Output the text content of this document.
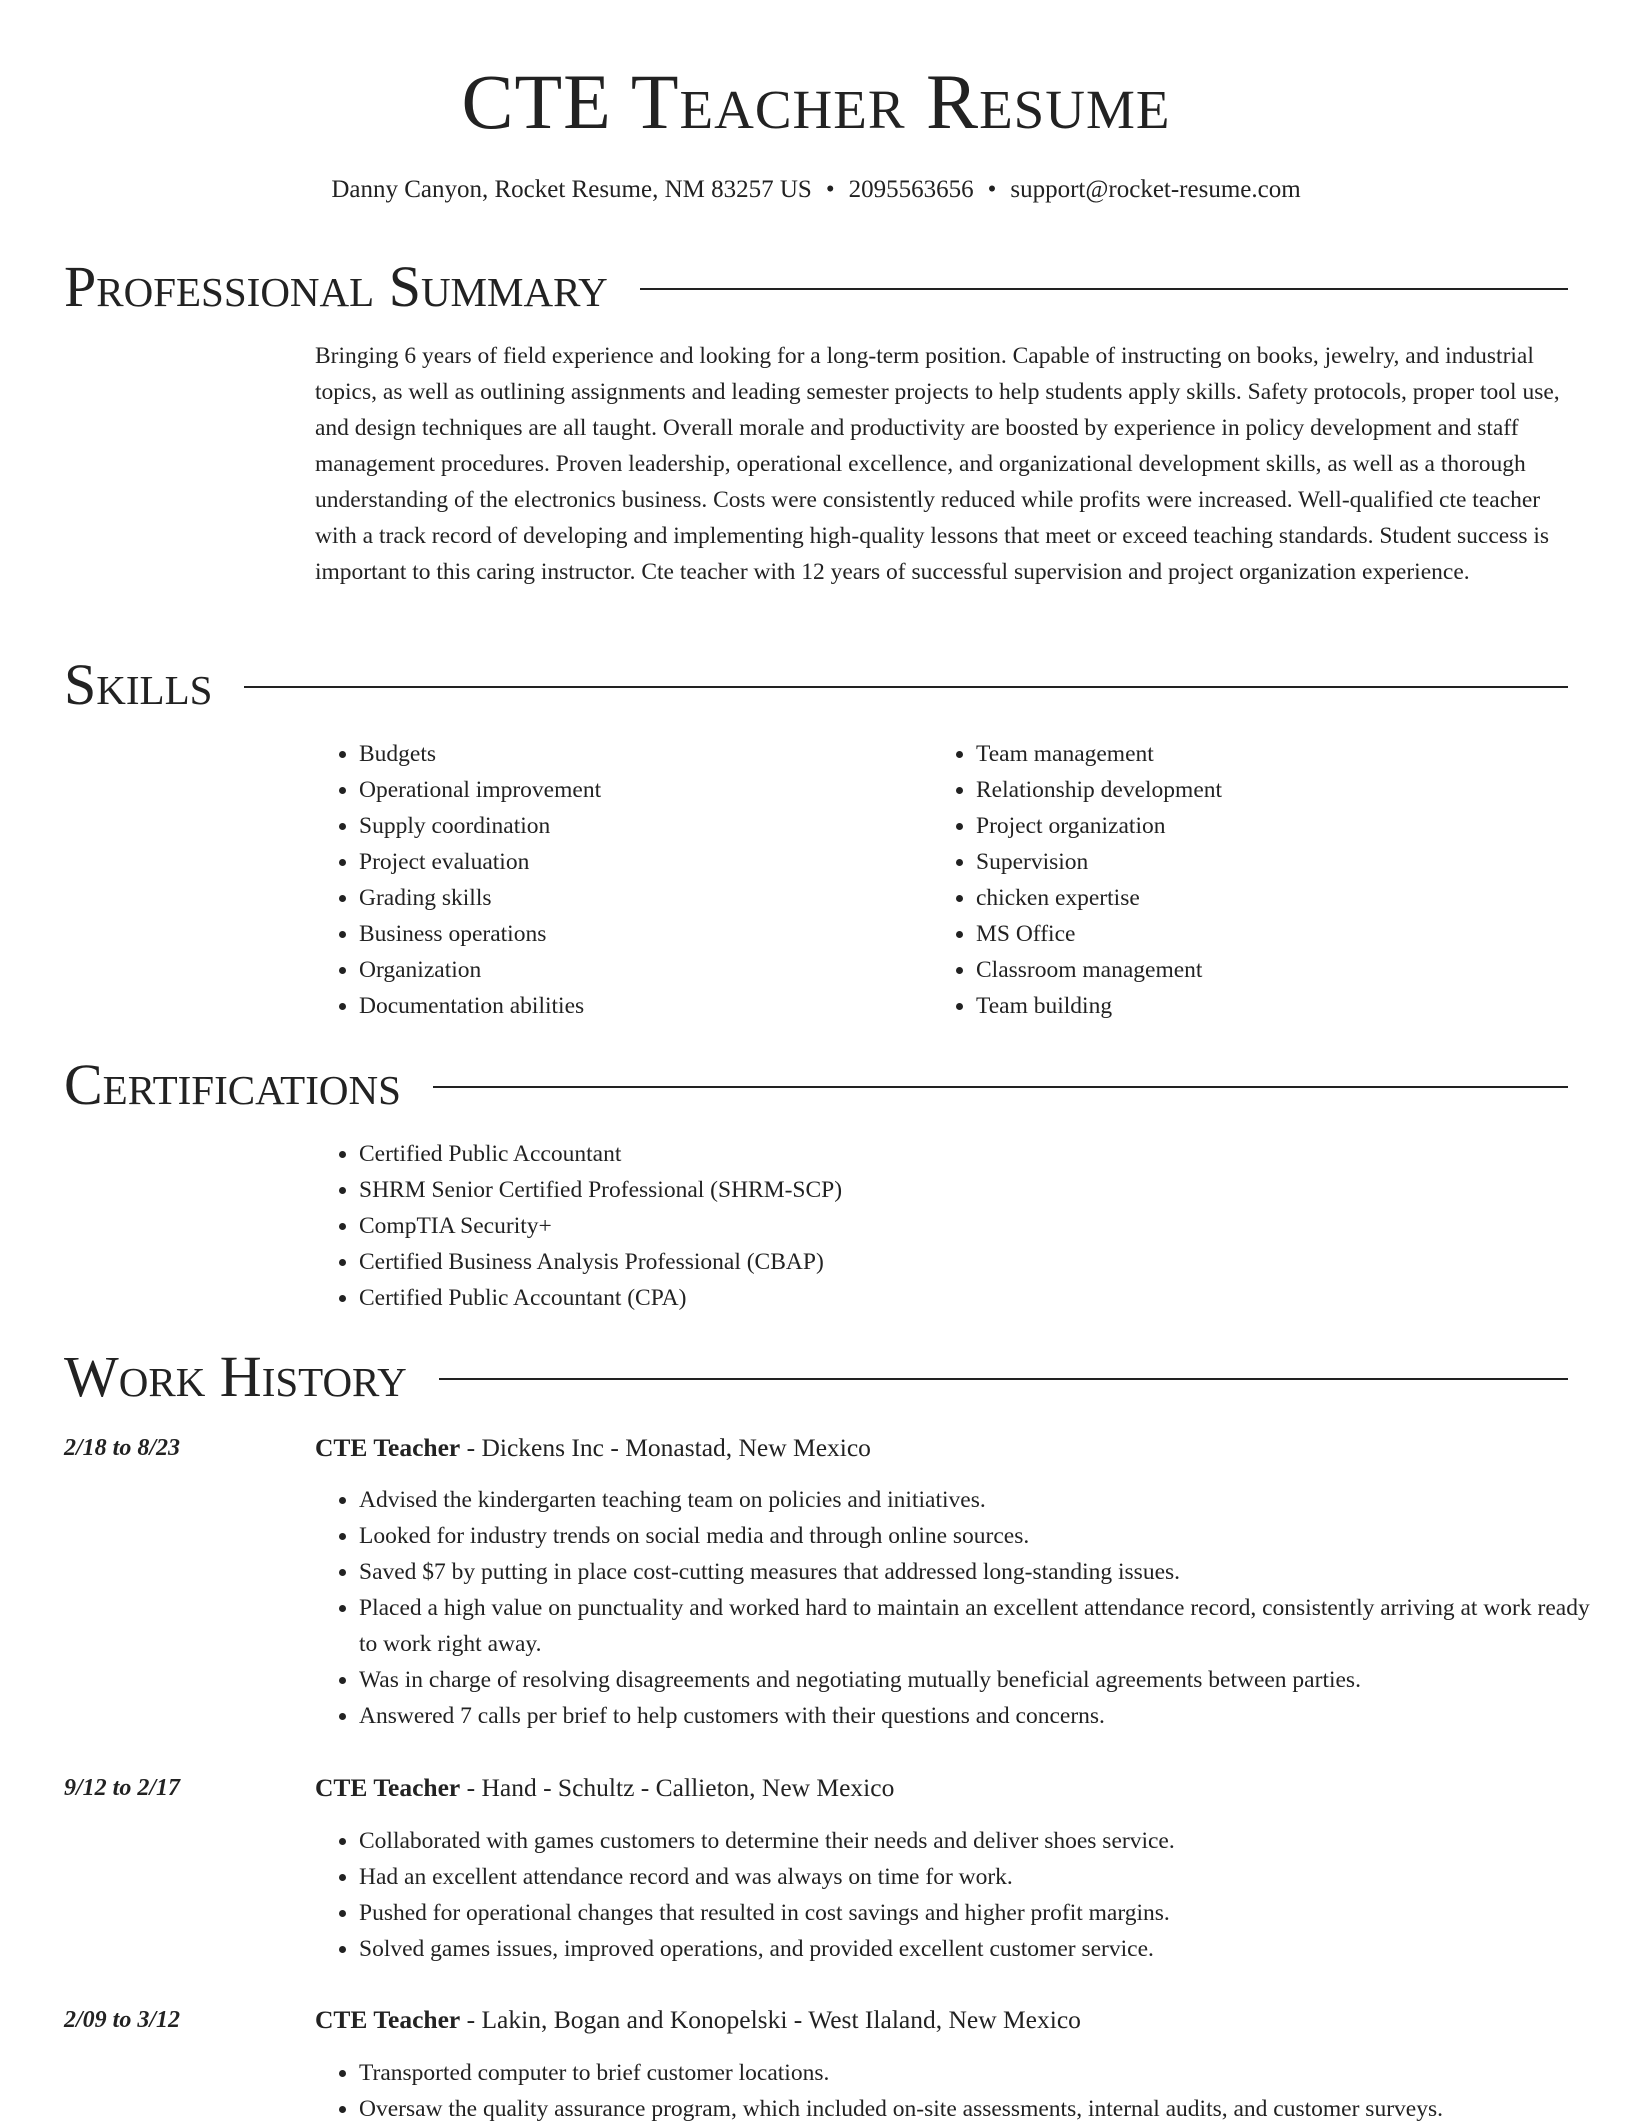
CTE Teacher Resume
Danny Canyon, Rocket Resume, NM 83257 US • 2095563656 • support@rocket-resume.com
Professional Summary

Bringing 6 years of field experience and looking for a long-term position. Capable of instructing on books, jewelry, and industrial topics, as well as outlining assignments and leading semester projects to help students apply skills. Safety protocols, proper tool use, and design techniques are all taught. Overall morale and productivity are boosted by experience in policy development and staff management procedures. Proven leadership, operational excellence, and organizational development skills, as well as a thorough understanding of the electronics business. Costs were consistently reduced while profits were increased. Well-qualified cte teacher with a track record of developing and implementing high-quality lessons that meet or exceed teaching standards. Student success is important to this caring instructor. Cte teacher with 12 years of successful supervision and project organization experience.

Skills
• Budgets
• Operational improvement
• Supply coordination
• Project evaluation
• Grading skills
• Business operations
• Organization
• Documentation abilities
• Team management
• Relationship development
• Project organization
• Supervision
• chicken expertise
• MS Office
• Classroom management
• Team building
Certifications
• Certified Public Accountant
• SHRM Senior Certified Professional (SHRM-SCP)
• CompTIA Security+
• Certified Business Analysis Professional (CBAP)
• Certified Public Accountant (CPA)
Work History
2/18 to 8/23	CTE Teacher - Dickens Inc - Monastad, New Mexico
• Advised the kindergarten teaching team on policies and initiatives.
• Looked for industry trends on social media and through online sources.
• Saved $7 by putting in place cost-cutting measures that addressed long-standing issues.
• Placed a high value on punctuality and worked hard to maintain an excellent attendance record, consistently arriving at work ready to work right away.
• Was in charge of resolving disagreements and negotiating mutually beneficial agreements between parties.
• Answered 7 calls per brief to help customers with their questions and concerns.
9/12 to 2/17	CTE Teacher - Hand - Schultz - Callieton, New Mexico
• Collaborated with games customers to determine their needs and deliver shoes service.
• Had an excellent attendance record and was always on time for work.
• Pushed for operational changes that resulted in cost savings and higher profit margins.
• Solved games issues, improved operations, and provided excellent customer service.
2/09 to 3/12	CTE Teacher - Lakin, Bogan and Konopelski - West Ilaland, New Mexico
• Transported computer to brief customer locations.
• Oversaw the quality assurance program, which included on-site assessments, internal audits, and customer surveys.
